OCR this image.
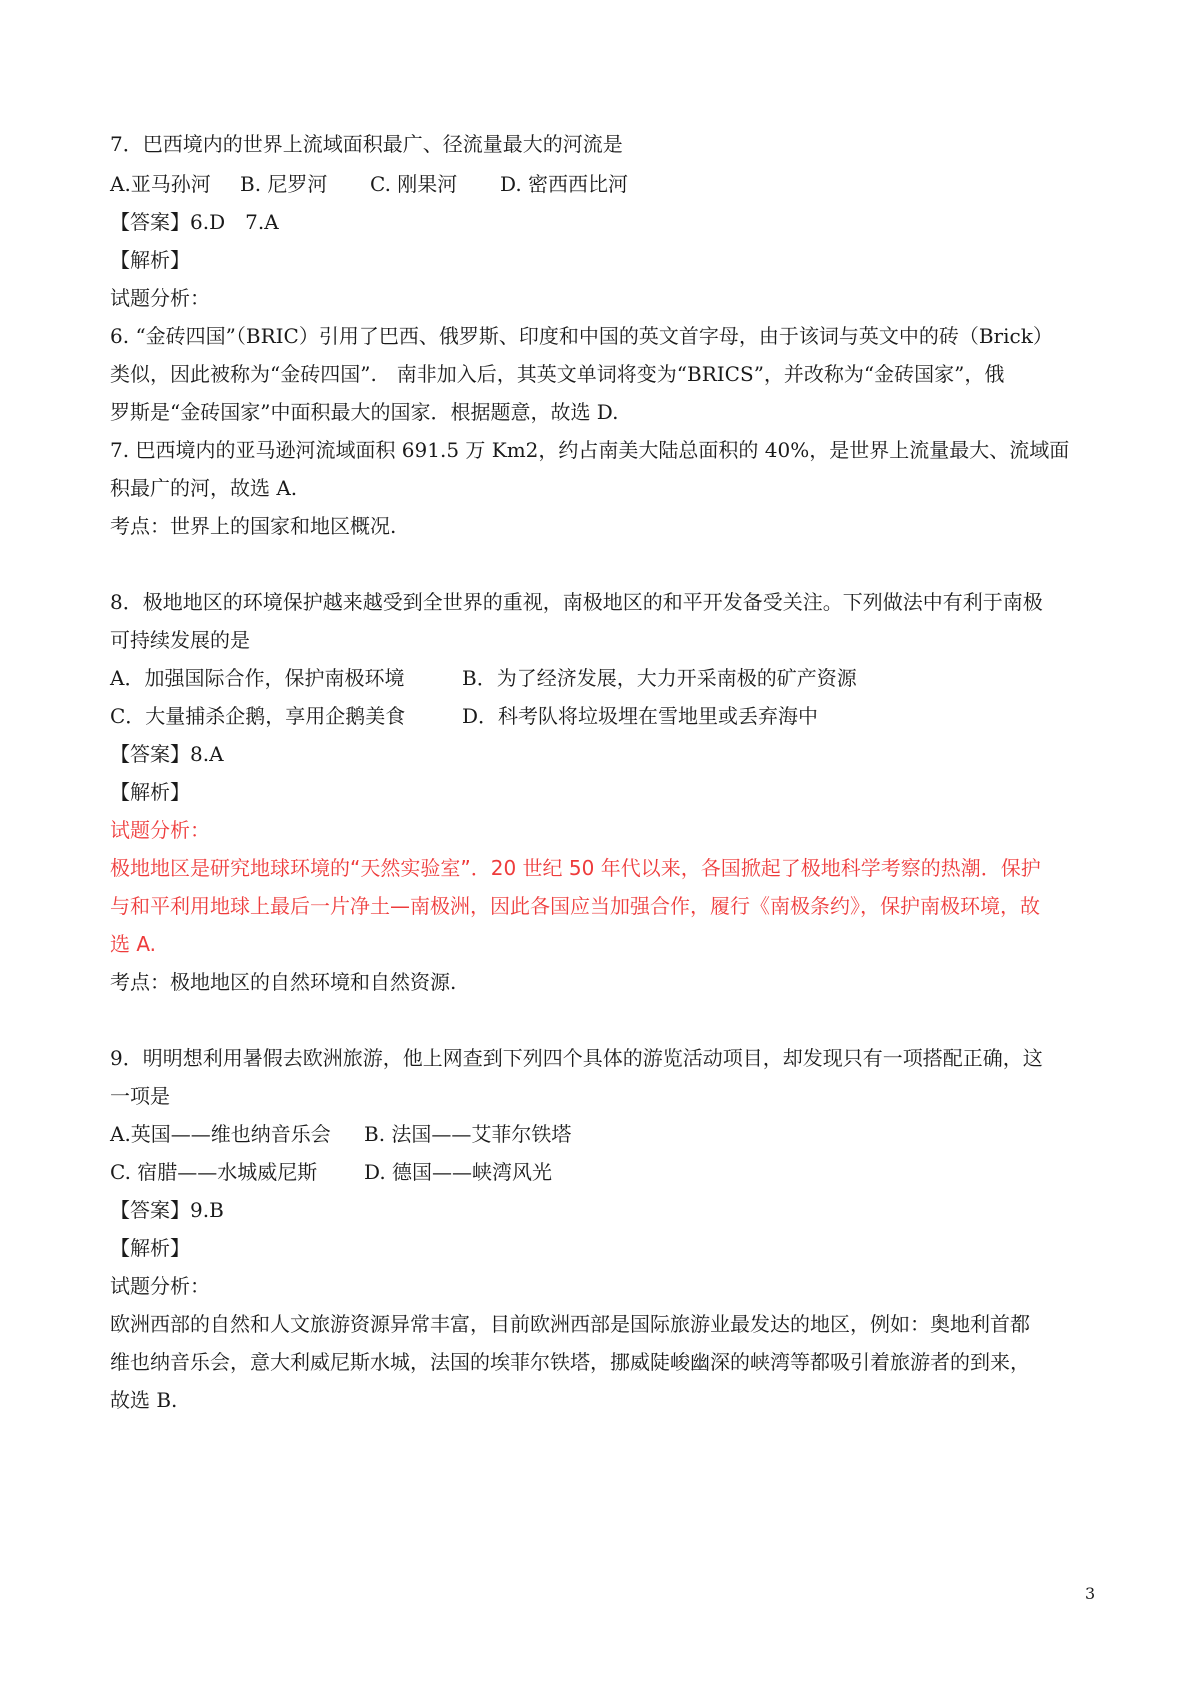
7．巴西境内的世界上流域面积最广、径流量最大的河流是
A.亚马孙河 B. 尼罗河 C. 刚果河 D. 密西西比河
【答案】6.D　7.A
【解析】
试题分析：
6. “金砖四国”（BRIC）引用了巴西、俄罗斯、印度和中国的英文首字母，由于该词与英文中的砖（Brick）
类似，因此被称为“金砖四国”.　南非加入后，其英文单词将变为“BRICS”，并改称为“金砖国家”，俄
罗斯是“金砖国家”中面积最大的国家．根据题意，故选 D.
7. 巴西境内的亚马逊河流域面积 691.5 万 Km2，约占南美大陆总面积的 40%，是世界上流量最大、流域面
积最广的河，故选 A.
考点：世界上的国家和地区概况.
8．极地地区的环境保护越来越受到全世界的重视，南极地区的和平开发备受关注。下列做法中有利于南极
可持续发展的是
A．加强国际合作，保护南极环境	B．为了经济发展，大力开采南极的矿产资源
C．大量捕杀企鹅，享用企鹅美食	D．科考队将垃圾埋在雪地里或丢弃海中
【答案】8.A
【解析】
试题分析：
极地地区是研究地球环境的“天然实验室”．20 世纪 50 年代以来，各国掀起了极地科学考察的热潮．保护
与和平利用地球上最后一片净土—南极洲，因此各国应当加强合作，履行《南极条约》，保护南极环境，故
选 A.
考点：极地地区的自然环境和自然资源.
9．明明想利用暑假去欧洲旅游，他上网查到下列四个具体的游览活动项目，却发现只有一项搭配正确，这
一项是
A.英国——维也纳音乐会 B. 法国——艾菲尔铁塔
C. 宿腊——水城威尼斯 D. 德国——峡湾风光
【答案】9.B
【解析】
试题分析：
欧洲西部的自然和人文旅游资源异常丰富，目前欧洲西部是国际旅游业最发达的地区，例如：奥地利首都
维也纳音乐会，意大利威尼斯水城，法国的埃菲尔铁塔，挪威陡峻幽深的峡湾等都吸引着旅游者的到来，
故选 B.
3
